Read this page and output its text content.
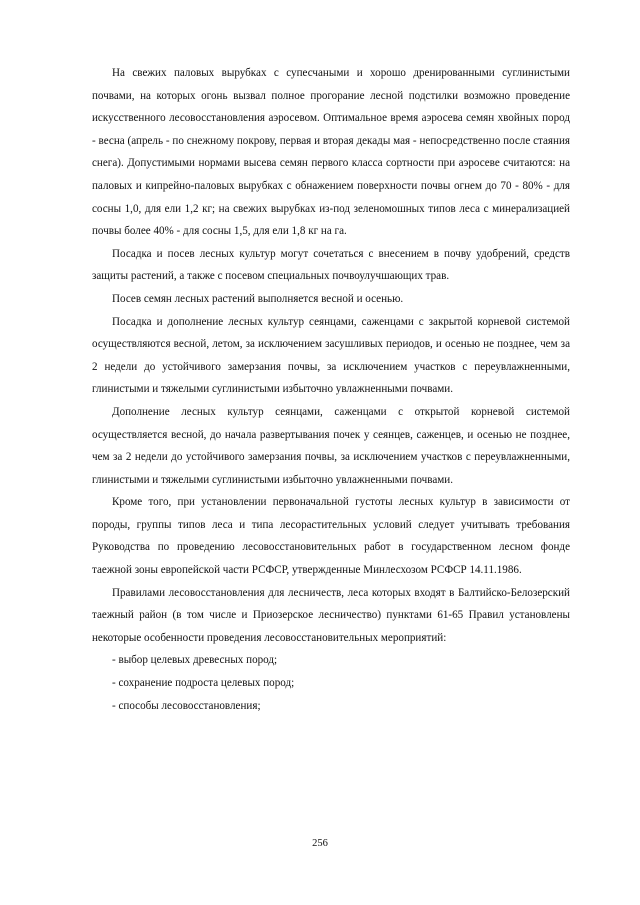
На свежих паловых вырубках с супесчаными и хорошо дренированными суглинистыми почвами, на которых огонь вызвал полное прогорание лесной подстилки возможно проведение искусственного лесовосстановления аэросевом. Оптимальное время аэросева семян хвойных пород - весна (апрель - по снежному покрову, первая и вторая декады мая - непосредственно после стаяния снега). Допустимыми нормами высева семян первого класса сортности при аэросеве считаются: на паловых и кипрейно-паловых вырубках с обнажением поверхности почвы огнем до 70 - 80% - для сосны 1,0, для ели 1,2 кг; на свежих вырубках из-под зеленомошных типов леса с минерализацией почвы более 40% - для сосны 1,5, для ели 1,8 кг на га.

Посадка и посев лесных культур могут сочетаться с внесением в почву удобрений, средств защиты растений, а также с посевом специальных почвоулучшающих трав.

Посев семян лесных растений выполняется весной и осенью.

Посадка и дополнение лесных культур сеянцами, саженцами с закрытой корневой системой осуществляются весной, летом, за исключением засушливых периодов, и осенью не позднее, чем за 2 недели до устойчивого замерзания почвы, за исключением участков с переувлажненными, глинистыми и тяжелыми суглинистыми избыточно увлажненными почвами.

Дополнение лесных культур сеянцами, саженцами с открытой корневой системой осуществляется весной, до начала развертывания почек у сеянцев, саженцев, и осенью не позднее, чем за 2 недели до устойчивого замерзания почвы, за исключением участков с переувлажненными, глинистыми и тяжелыми суглинистыми избыточно увлажненными почвами.

Кроме того, при установлении первоначальной густоты лесных культур в зависимости от породы, группы типов леса и типа лесорастительных условий следует учитывать требования Руководства по проведению лесовосстановительных работ в государственном лесном фонде таежной зоны европейской части РСФСР, утвержденные Минлесхозом РСФСР 14.11.1986.

Правилами лесовосстановления для лесничеств, леса которых входят в Балтийско-Белозерский таежный район (в том числе и Приозерское лесничество) пунктами 61-65 Правил установлены некоторые особенности проведения лесовосстановительных мероприятий:

- выбор целевых древесных пород;

- сохранение подроста целевых пород;

- способы лесовосстановления;

256
